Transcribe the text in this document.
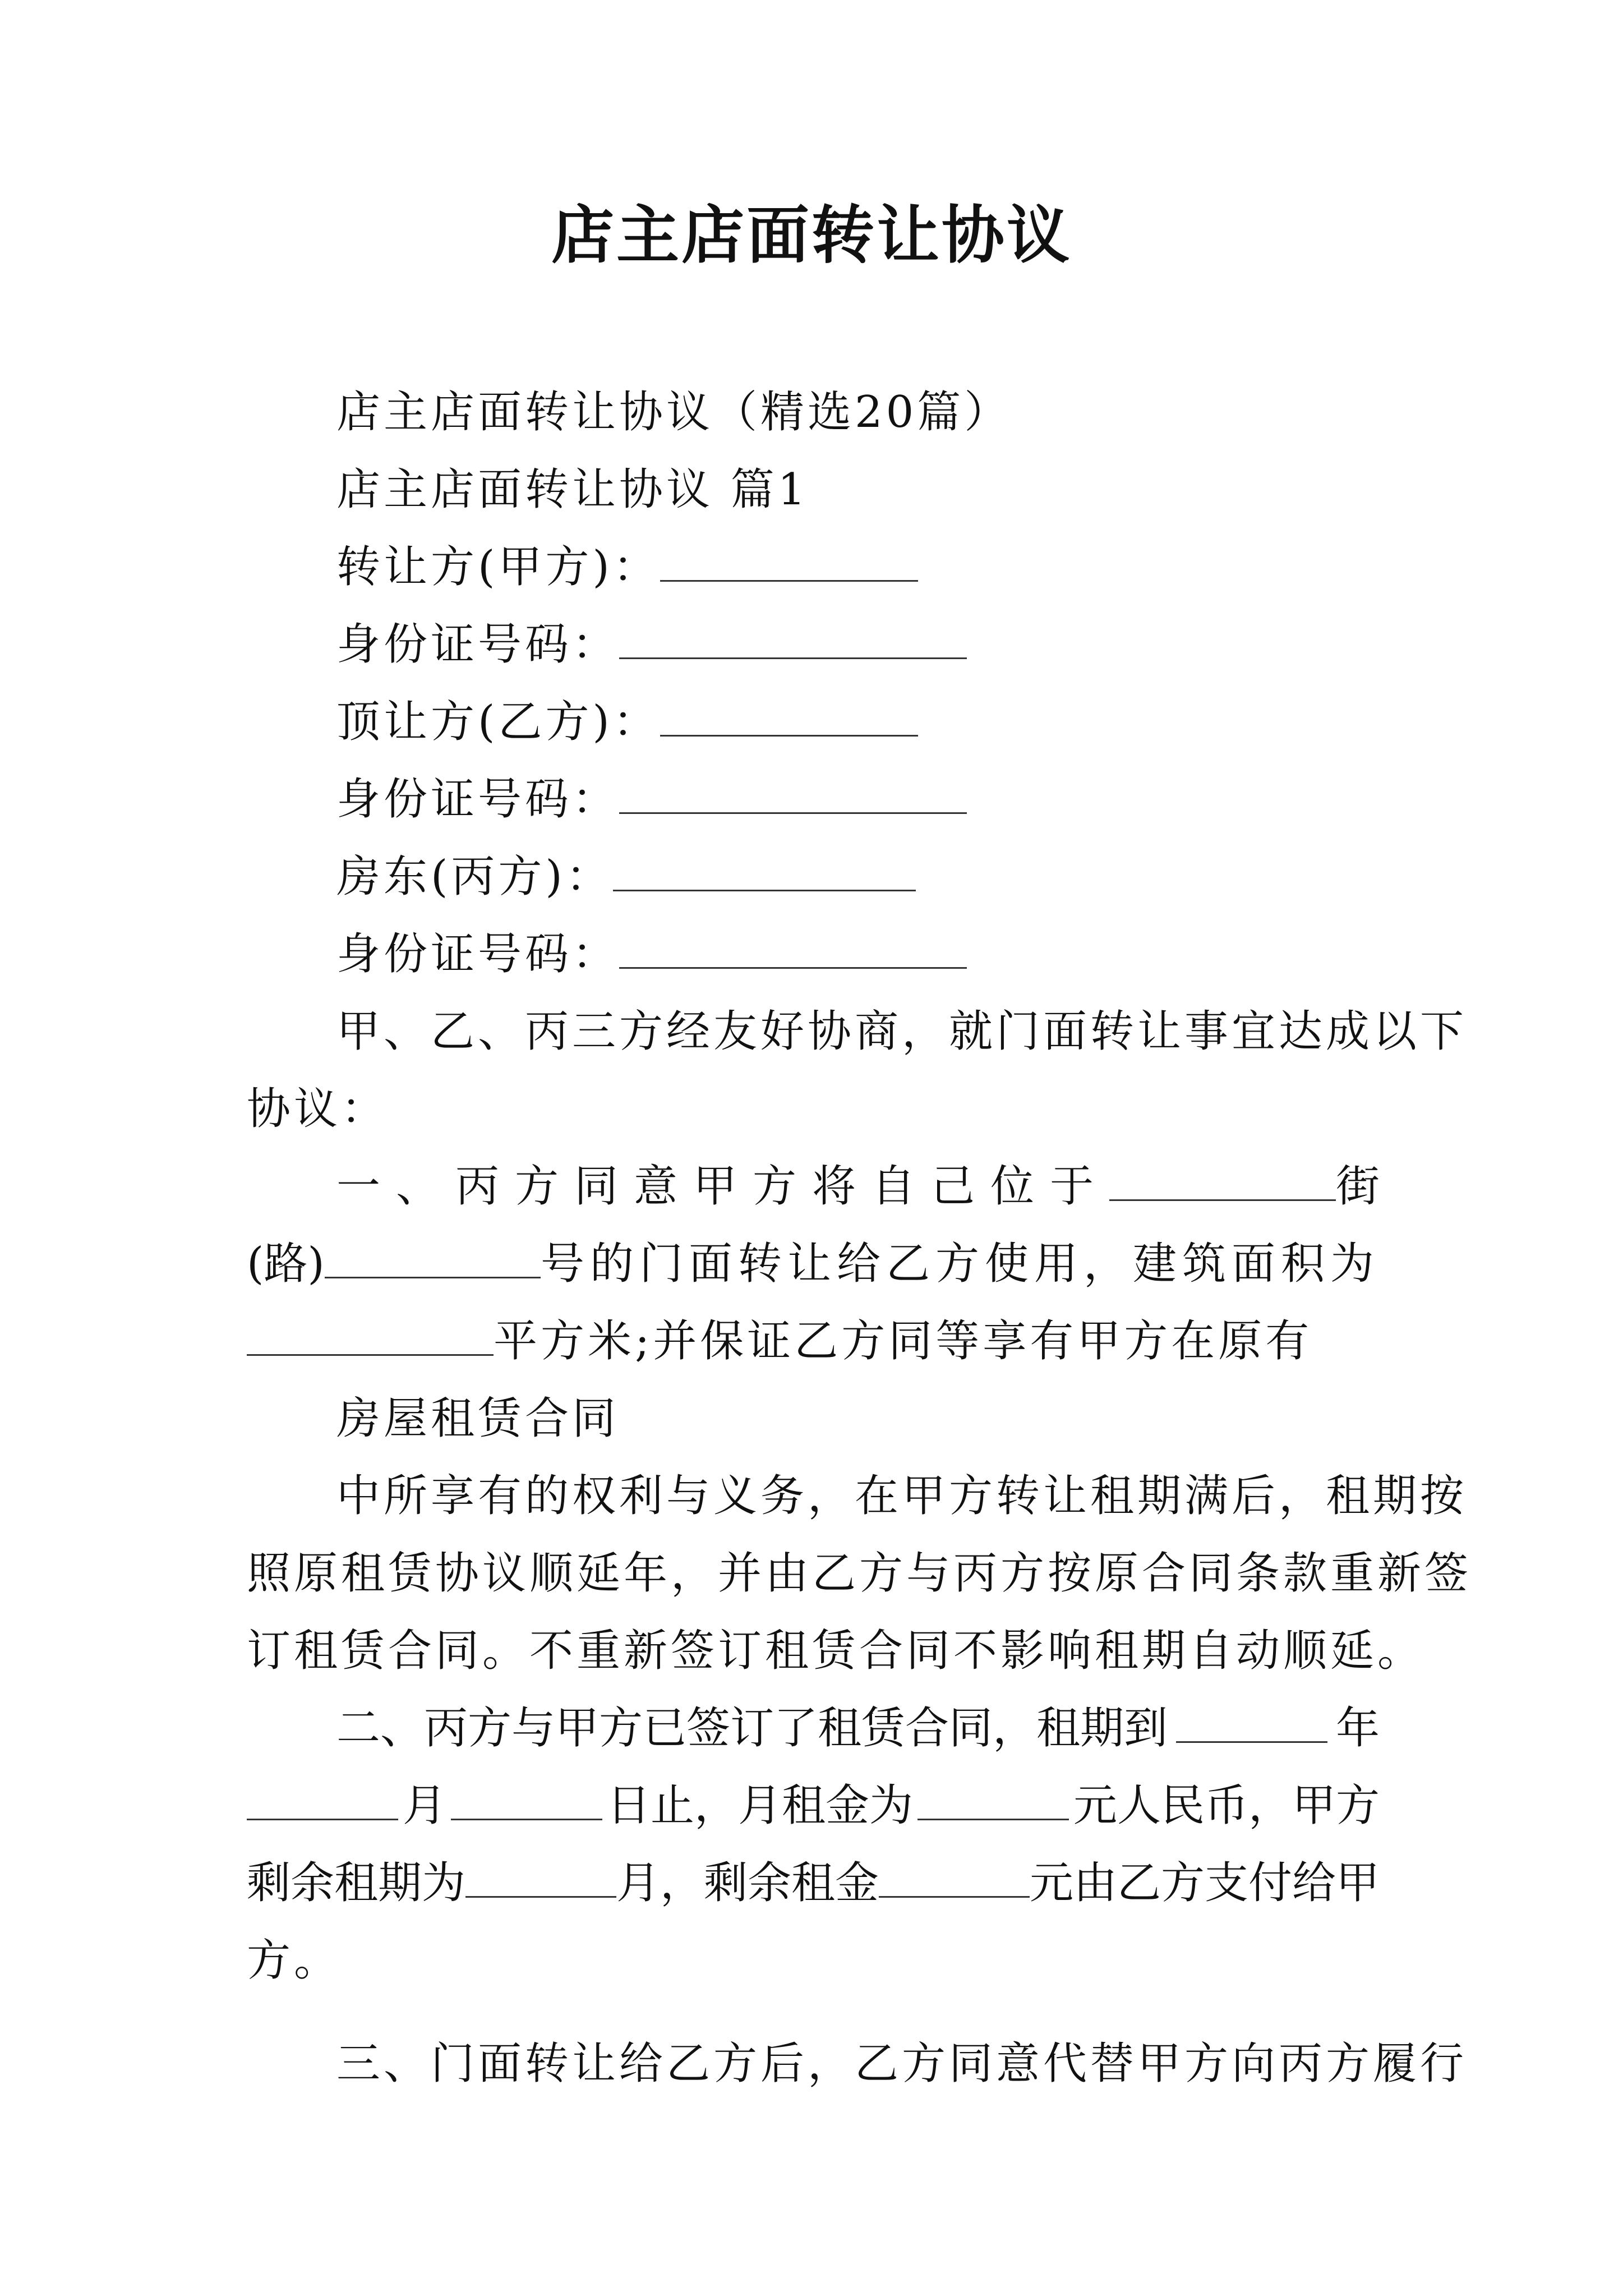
店主店面转让协议
店主店面转让协议（精选20篇）
店主店面转让协议 篇1
转让方(甲方)：
身份证号码：
顶让方(乙方)：
身份证号码：
房东(丙方)：
身份证号码：
甲、乙、丙三方经友好协商，就门面转让事宜达成以下
协议：
一、丙方同意甲方将自己位于	街
(路)	号的门面转让给乙方使用，建筑面积为
平方米;并保证乙方同等享有甲方在原有
房屋租赁合同
中所享有的权利与义务，在甲方转让租期满后，租期按
照原租赁协议顺延年，并由乙方与丙方按原合同条款重新签
订租赁合同。不重新签订租赁合同不影响租期自动顺延。
二、丙方与甲方已签订了租赁合同，租期到	年
月	日止，月租金为	元人民币，甲方
剩余租期为	月，剩余租金	元由乙方支付给甲
方。
三、门面转让给乙方后，乙方同意代替甲方向丙方履行
